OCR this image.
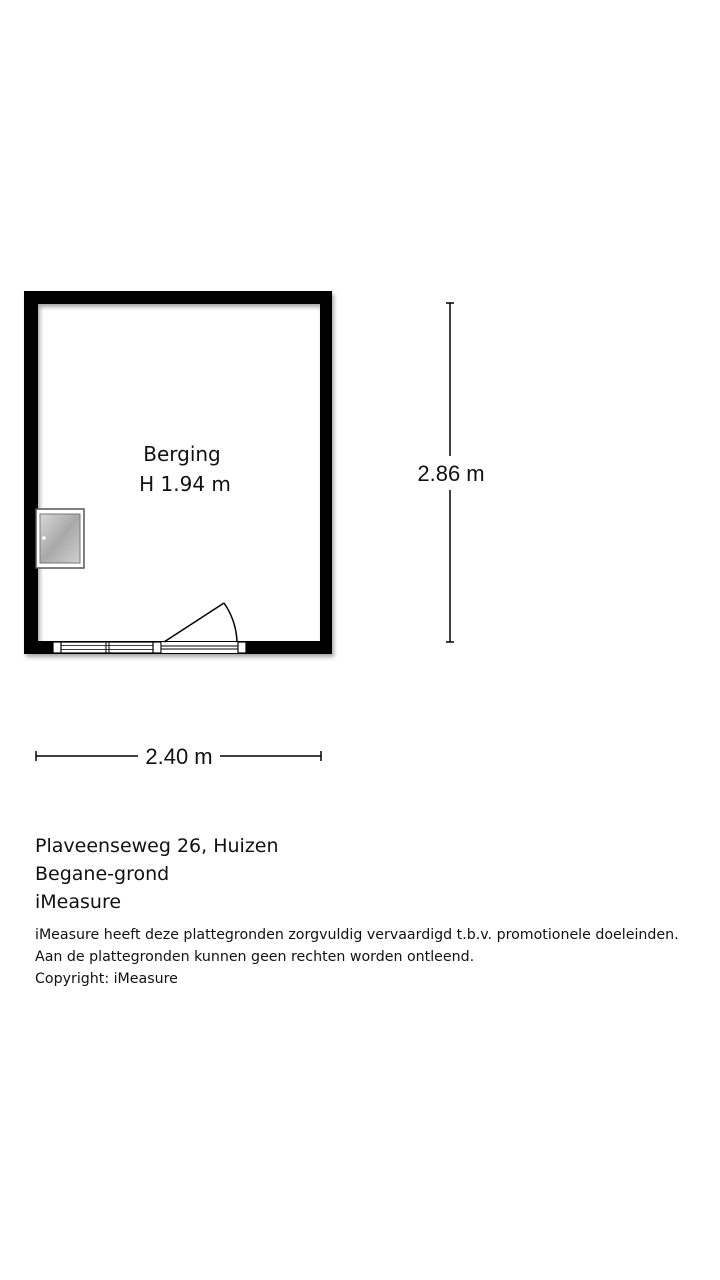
Berging
H 1.94 m	2.86 m
2.40 m
Plaveenseweg 26, Huizen
Begane-grond
iMeasure
iMeasure heeft deze plattegronden zorgvuldig vervaardigd t.b.v. promotionele doeleinden.
Aan de plattegronden kunnen geen rechten worden ontleend.
Copyright: iMeasure
